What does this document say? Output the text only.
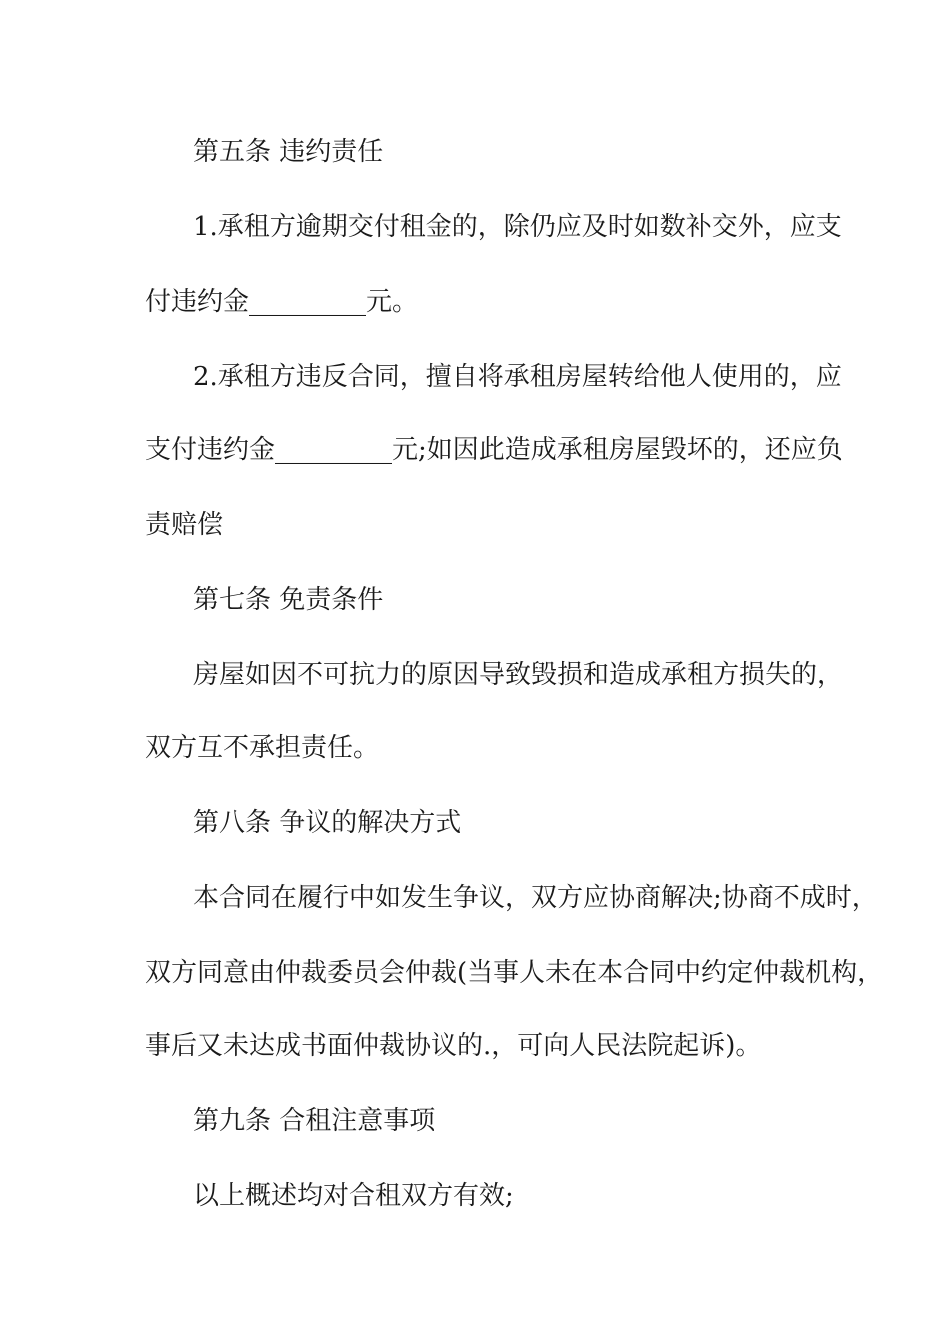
第五条 违约责任

1.承租方逾期交付租金的，除仍应及时如数补交外，应支

付违约金_________元。

2.承租方违反合同，擅自将承租房屋转给他人使用的，应

支付违约金_________元;如因此造成承租房屋毁坏的，还应负

责赔偿

第七条 免责条件

房屋如因不可抗力的原因导致毁损和造成承租方损失的，

双方互不承担责任。

第八条 争议的解决方式

本合同在履行中如发生争议，双方应协商解决;协商不成时，

双方同意由仲裁委员会仲裁(当事人未在本合同中约定仲裁机构，

事后又未达成书面仲裁协议的.，可向人民法院起诉)。

第九条 合租注意事项

以上概述均对合租双方有效;
